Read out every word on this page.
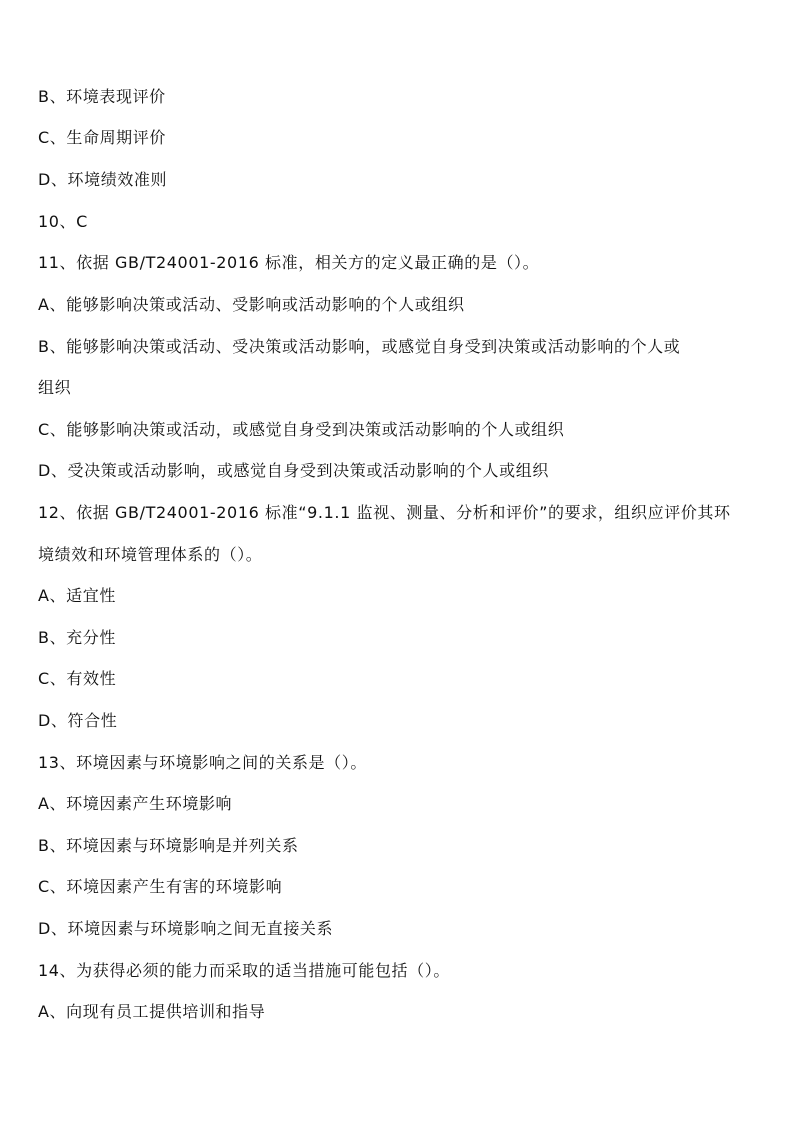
B、环境表现评价
C、生命周期评价
D、环境绩效准则
10、C
11、依据 GB/T24001-2016 标准，相关方的定义最正确的是（）。
A、能够影响决策或活动、受影响或活动影响的个人或组织
B、能够影响决策或活动、受决策或活动影响，或感觉自身受到决策或活动影响的个人或
组织
C、能够影响决策或活动，或感觉自身受到决策或活动影响的个人或组织
D、受决策或活动影响，或感觉自身受到决策或活动影响的个人或组织
12、依据 GB/T24001-2016 标准“9.1.1 监视、测量、分析和评价”的要求，组织应评价其环
境绩效和环境管理体系的（）。
A、适宜性
B、充分性
C、有效性
D、符合性
13、环境因素与环境影响之间的关系是（）。
A、环境因素产生环境影响
B、环境因素与环境影响是并列关系
C、环境因素产生有害的环境影响
D、环境因素与环境影响之间无直接关系
14、为获得必须的能力而采取的适当措施可能包括（）。
A、向现有员工提供培训和指导
